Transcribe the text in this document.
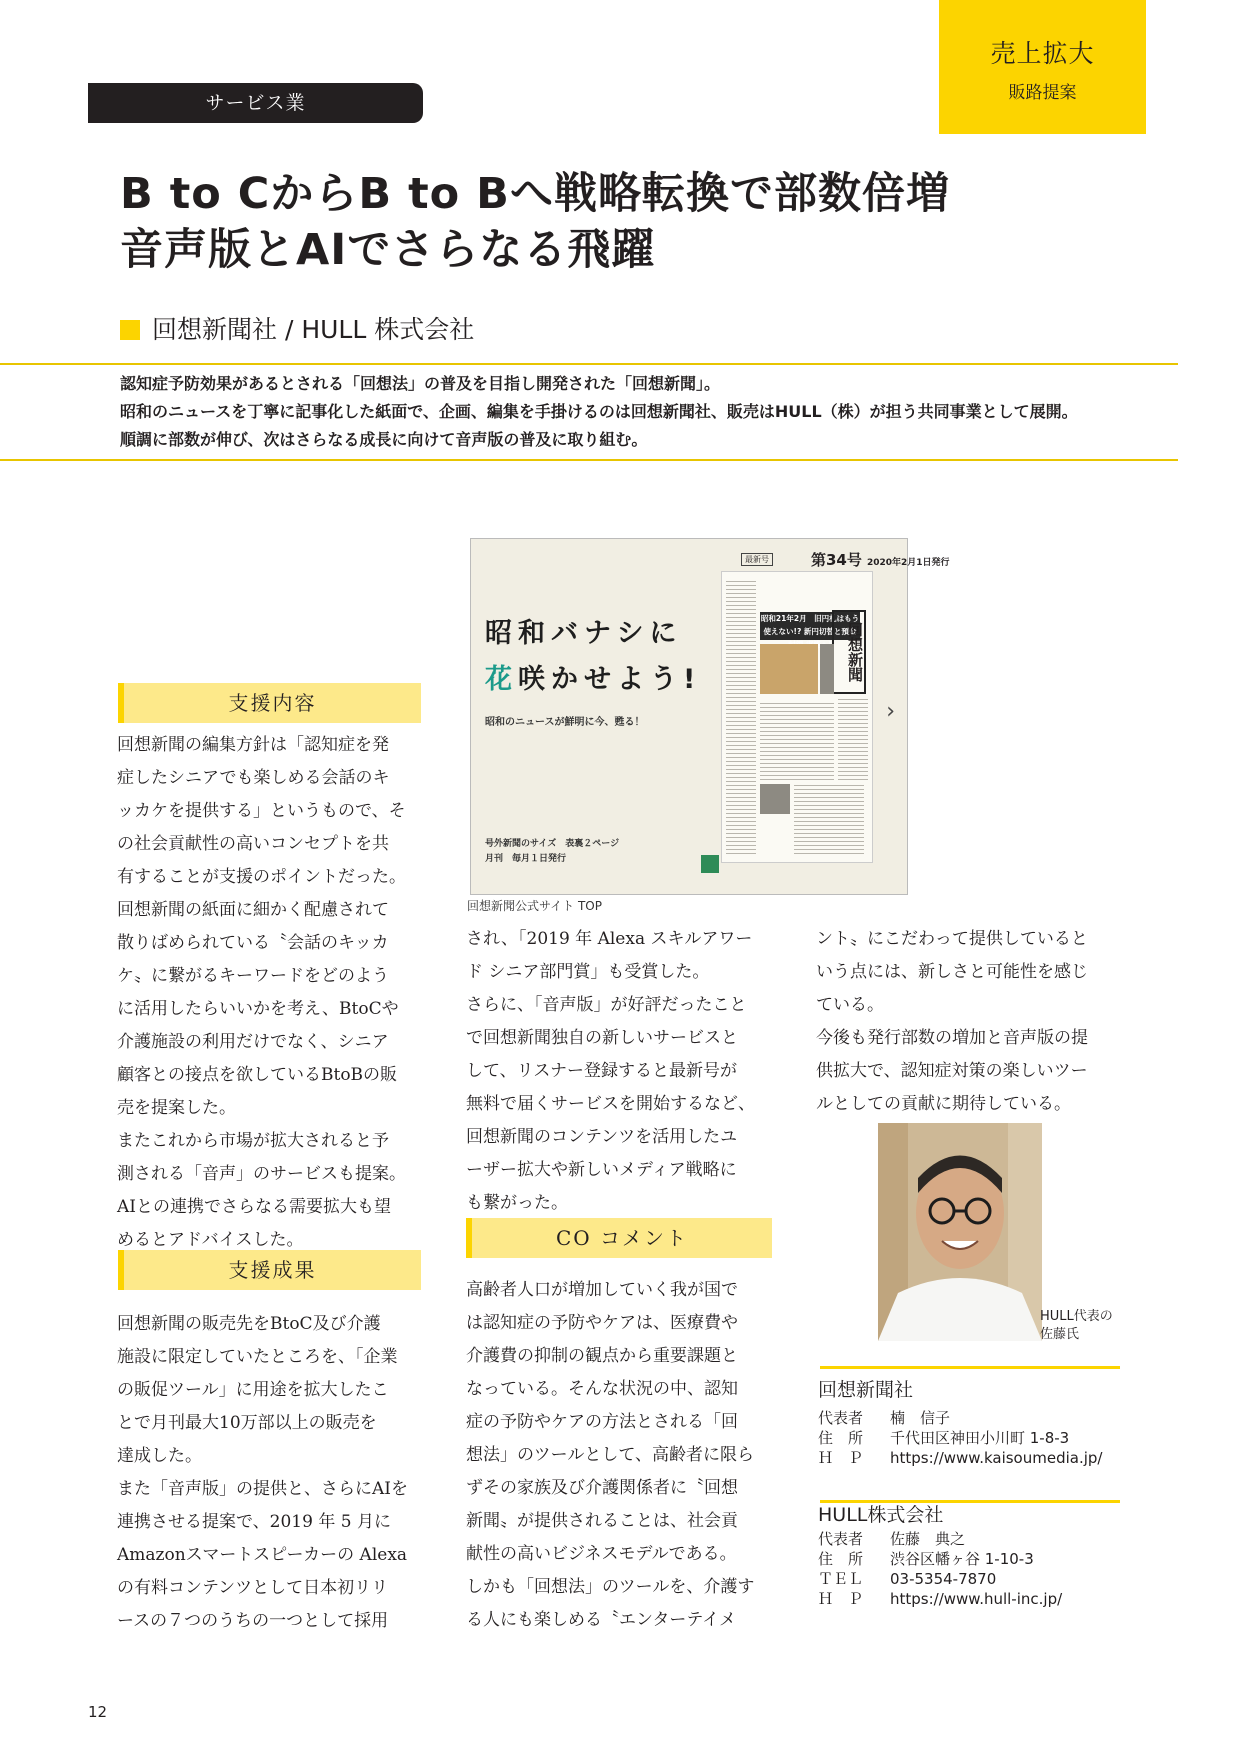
売上拡大
販路提案
サービス業
B to CからB to Bへ戦略転換で部数倍増
音声版とAIでさらなる飛躍
回想新聞社 / HULL 株式会社
認知症予防効果があるとされる「回想法」の普及を目指し開発された「回想新聞」。
昭和のニュースを丁寧に記事化した紙面で、企画、編集を手掛けるのは回想新聞社、販売はHULL（株）が担う共同事業として展開。
順調に部数が伸び、次はさらなる成長に向けて音声版の普及に取り組む。
昭和バナシに
花咲かせよう!
昭和のニュースが鮮明に今、甦る！
号外新聞のサイズ　表裏２ページ
月刊　毎月１日発行
›
最新号	第34号 2020年2月1日発行
昭和21年2月　旧円札はもう使えない!? 新円切替と預金 実施へ! 回想新聞
回想新聞公式サイト TOP
支援内容

回想新聞の編集方針は「認知症を発

症したシニアでも楽しめる会話のキ

ッカケを提供する」というもので、そ

の社会貢献性の高いコンセプトを共

有することが支援のポイントだった。

回想新聞の紙面に細かく配慮されて

散りばめられている〝会話のキッカ

ケ〟に繋がるキーワードをどのよう

に活用したらいいかを考え、BtoCや

介護施設の利用だけでなく、シニア

顧客との接点を欲しているBtoBの販

売を提案した。

またこれから市場が拡大されると予

測される「音声」のサービスも提案。

AIとの連携でさらなる需要拡大も望

めるとアドバイスした。

支援成果

回想新聞の販売先をBtoC及び介護

施設に限定していたところを、「企業

の販促ツール」に用途を拡大したこ

とで月刊最大10万部以上の販売を

達成した。

また「音声版」の提供と、さらにAIを

連携させる提案で、2019 年 5 月に

Amazonスマートスピーカーの Alexa

の有料コンテンツとして日本初リリ

ースの７つのうちの一つとして採用

され、「2019 年 Alexa スキルアワー

ド シニア部門賞」も受賞した。

さらに、「音声版」が好評だったこと

で回想新聞独自の新しいサービスと

して、リスナー登録すると最新号が

無料で届くサービスを開始するなど、

回想新聞のコンテンツを活用したユ

ーザー拡大や新しいメディア戦略に

も繋がった。

CO コメント

高齢者人口が増加していく我が国で

は認知症の予防やケアは、医療費や

介護費の抑制の観点から重要課題と

なっている。そんな状況の中、認知

症の予防やケアの方法とされる「回

想法」のツールとして、高齢者に限ら

ずその家族及び介護関係者に〝回想

新聞〟が提供されることは、社会貢

献性の高いビジネスモデルである。

しかも「回想法」のツールを、介護す

る人にも楽しめる〝エンターテイメ

ント〟にこだわって提供していると

いう点には、新しさと可能性を感じ

ている。

今後も発行部数の増加と音声版の提

供拡大で、認知症対策の楽しいツー

ルとしての貢献に期待している。

HULL代表の
佐藤氏
回想新聞社
代表者 楠　信子
住　所 千代田区神田小川町 1-8-3
Ｈ　Ｐ https://www.kaisoumedia.jp/
HULL株式会社
代表者 佐藤　典之
住　所 渋谷区幡ヶ谷 1-10-3
ＴＥＬ 03-5354-7870
Ｈ　Ｐ https://www.hull-inc.jp/
12
